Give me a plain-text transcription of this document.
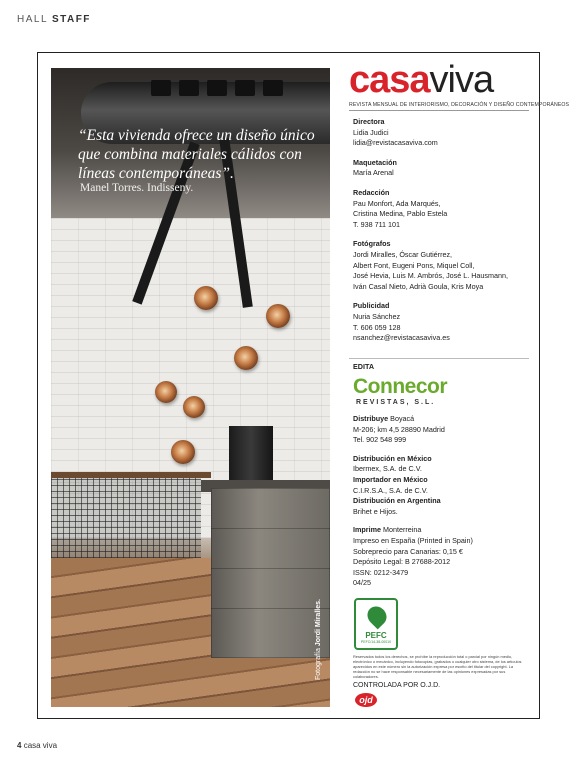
HALL STAFF
“Esta vivienda ofrece un diseño único que combina materiales cálidos con líneas contemporáneas”.
Manel Torres. Indisseny.
Fotografía Jordi Miralles.
casaviva
REVISTA MENSUAL DE INTERIORISMO, DECORACIÓN Y DISEÑO CONTEMPORÁNEOS
Directora
Lidia Judici
lidia@revistacasaviva.com
Maquetación
María Arenal
Redacción
Pau Monfort, Ada Marqués,
Cristina Medina, Pablo Estela
T. 938 711 101
Fotógrafos
Jordi Miralles, Óscar Gutiérrez,
Albert Font, Eugeni Pons, Miquel Coll,
José Hevia, Luis M. Ambrós, José L. Hausmann,
Iván Casal Nieto, Adrià Goula, Kris Moya
Publicidad
Nuria Sánchez
T. 606 059 128
nsanchez@revistacasaviva.es
EDITA
Connecor
REVISTAS, S.L.
Distribuye Boyacá
M-206; km 4,5 28890 Madrid
Tel. 902 548 999
Distribución en México
Ibermex, S.A. de C.V.
Importador en México
C.I.R.S.A., S.A. de C.V.
Distribución en Argentina
Brihet e Hijos.
Imprime Monterreina
Impreso en España (Printed in Spain)
Sobreprecio para Canarias: 0,15 €
Depósito Legal: B 27688-2012
ISSN: 0212-3479
04/25
PEFC
PEFC/14-38-00010
Reservados todos los derechos, se prohíbe la reproducción total o parcial por ningún medio, electrónico o mecánico, incluyendo fotocopias, grabados o cualquier otro sistema, de los artículos aparecidos en este número sin la autorización expresa por escrito del titular del copyright. La redacción no se hace responsable necesariamente de las opiniones expresadas por sus colaboradores.
CONTROLADA POR O.J.D.
ojd
4 casa viva
